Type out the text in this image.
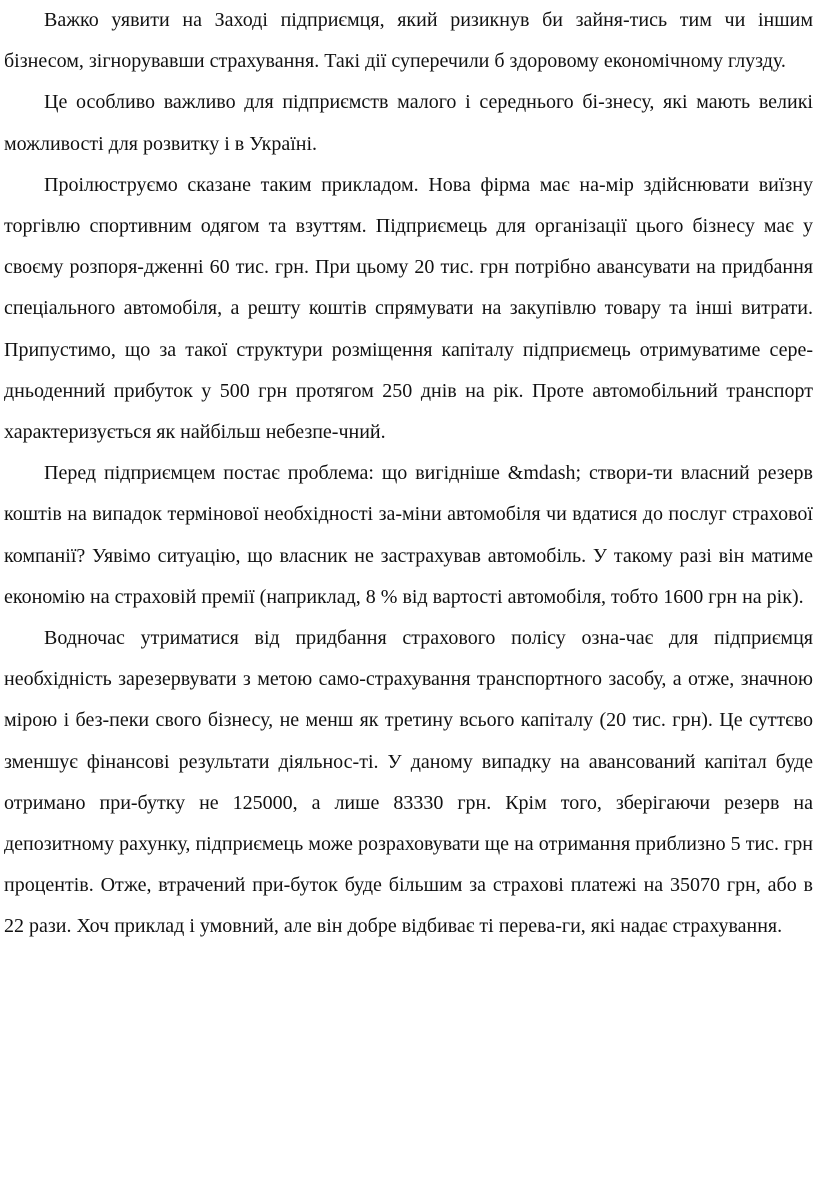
Важко уявити на Заході підприємця, який ризикнув би зайня-тись тим чи іншим бізнесом, зігнорувавши страхування. Такі дії суперечили б здоровому економічному глузду.

Це особливо важливо для підприємств малого і середнього бі-знесу, які мають великі можливості для розвитку і в Україні.

Проілюструємо сказане таким прикладом. Нова фірма має на-мір здійснювати виїзну торгівлю спортивним одягом та взуттям. Підприємець для організації цього бізнесу має у своєму розпоря-дженні 60 тис. грн. При цьому 20 тис. грн потрібно авансувати на придбання спеціального автомобіля, а решту коштів спрямувати на закупівлю товару та інші витрати. Припустимо, що за такої структури розміщення капіталу підприємець отримуватиме сере-дньоденний прибуток у 500 грн протягом 250 днів на рік. Проте автомобільний транспорт характеризується як найбільш небезпе-чний.

Перед підприємцем постає проблема: що вигідніше &mdash; створи-ти власний резерв коштів на випадок термінової необхідності за-міни автомобіля чи вдатися до послуг страхової компанії? Уявімо ситуацію, що власник не застрахував автомобіль. У такому разі він матиме економію на страховій премії (наприклад, 8 % від вартості автомобіля, тобто 1600 грн на рік).

Водночас утриматися від придбання страхового полісу озна-чає для підприємця необхідність зарезервувати з метою само-страхування транспортного засобу, а отже, значною мірою і без-пеки свого бізнесу, не менш як третину всього капіталу (20 тис. грн). Це суттєво зменшує фінансові результати діяльнос-ті. У даному випадку на авансований капітал буде отримано при-бутку не 125000, а лише 83330 грн. Крім того, зберігаючи резерв на депозитному рахунку, підприємець може розраховувати ще на отримання приблизно 5 тис. грн процентів. Отже, втрачений при-буток буде більшим за страхові платежі на 35070 грн, або в 22 рази. Хоч приклад і умовний, але він добре відбиває ті перева-ги, які надає страхування.
